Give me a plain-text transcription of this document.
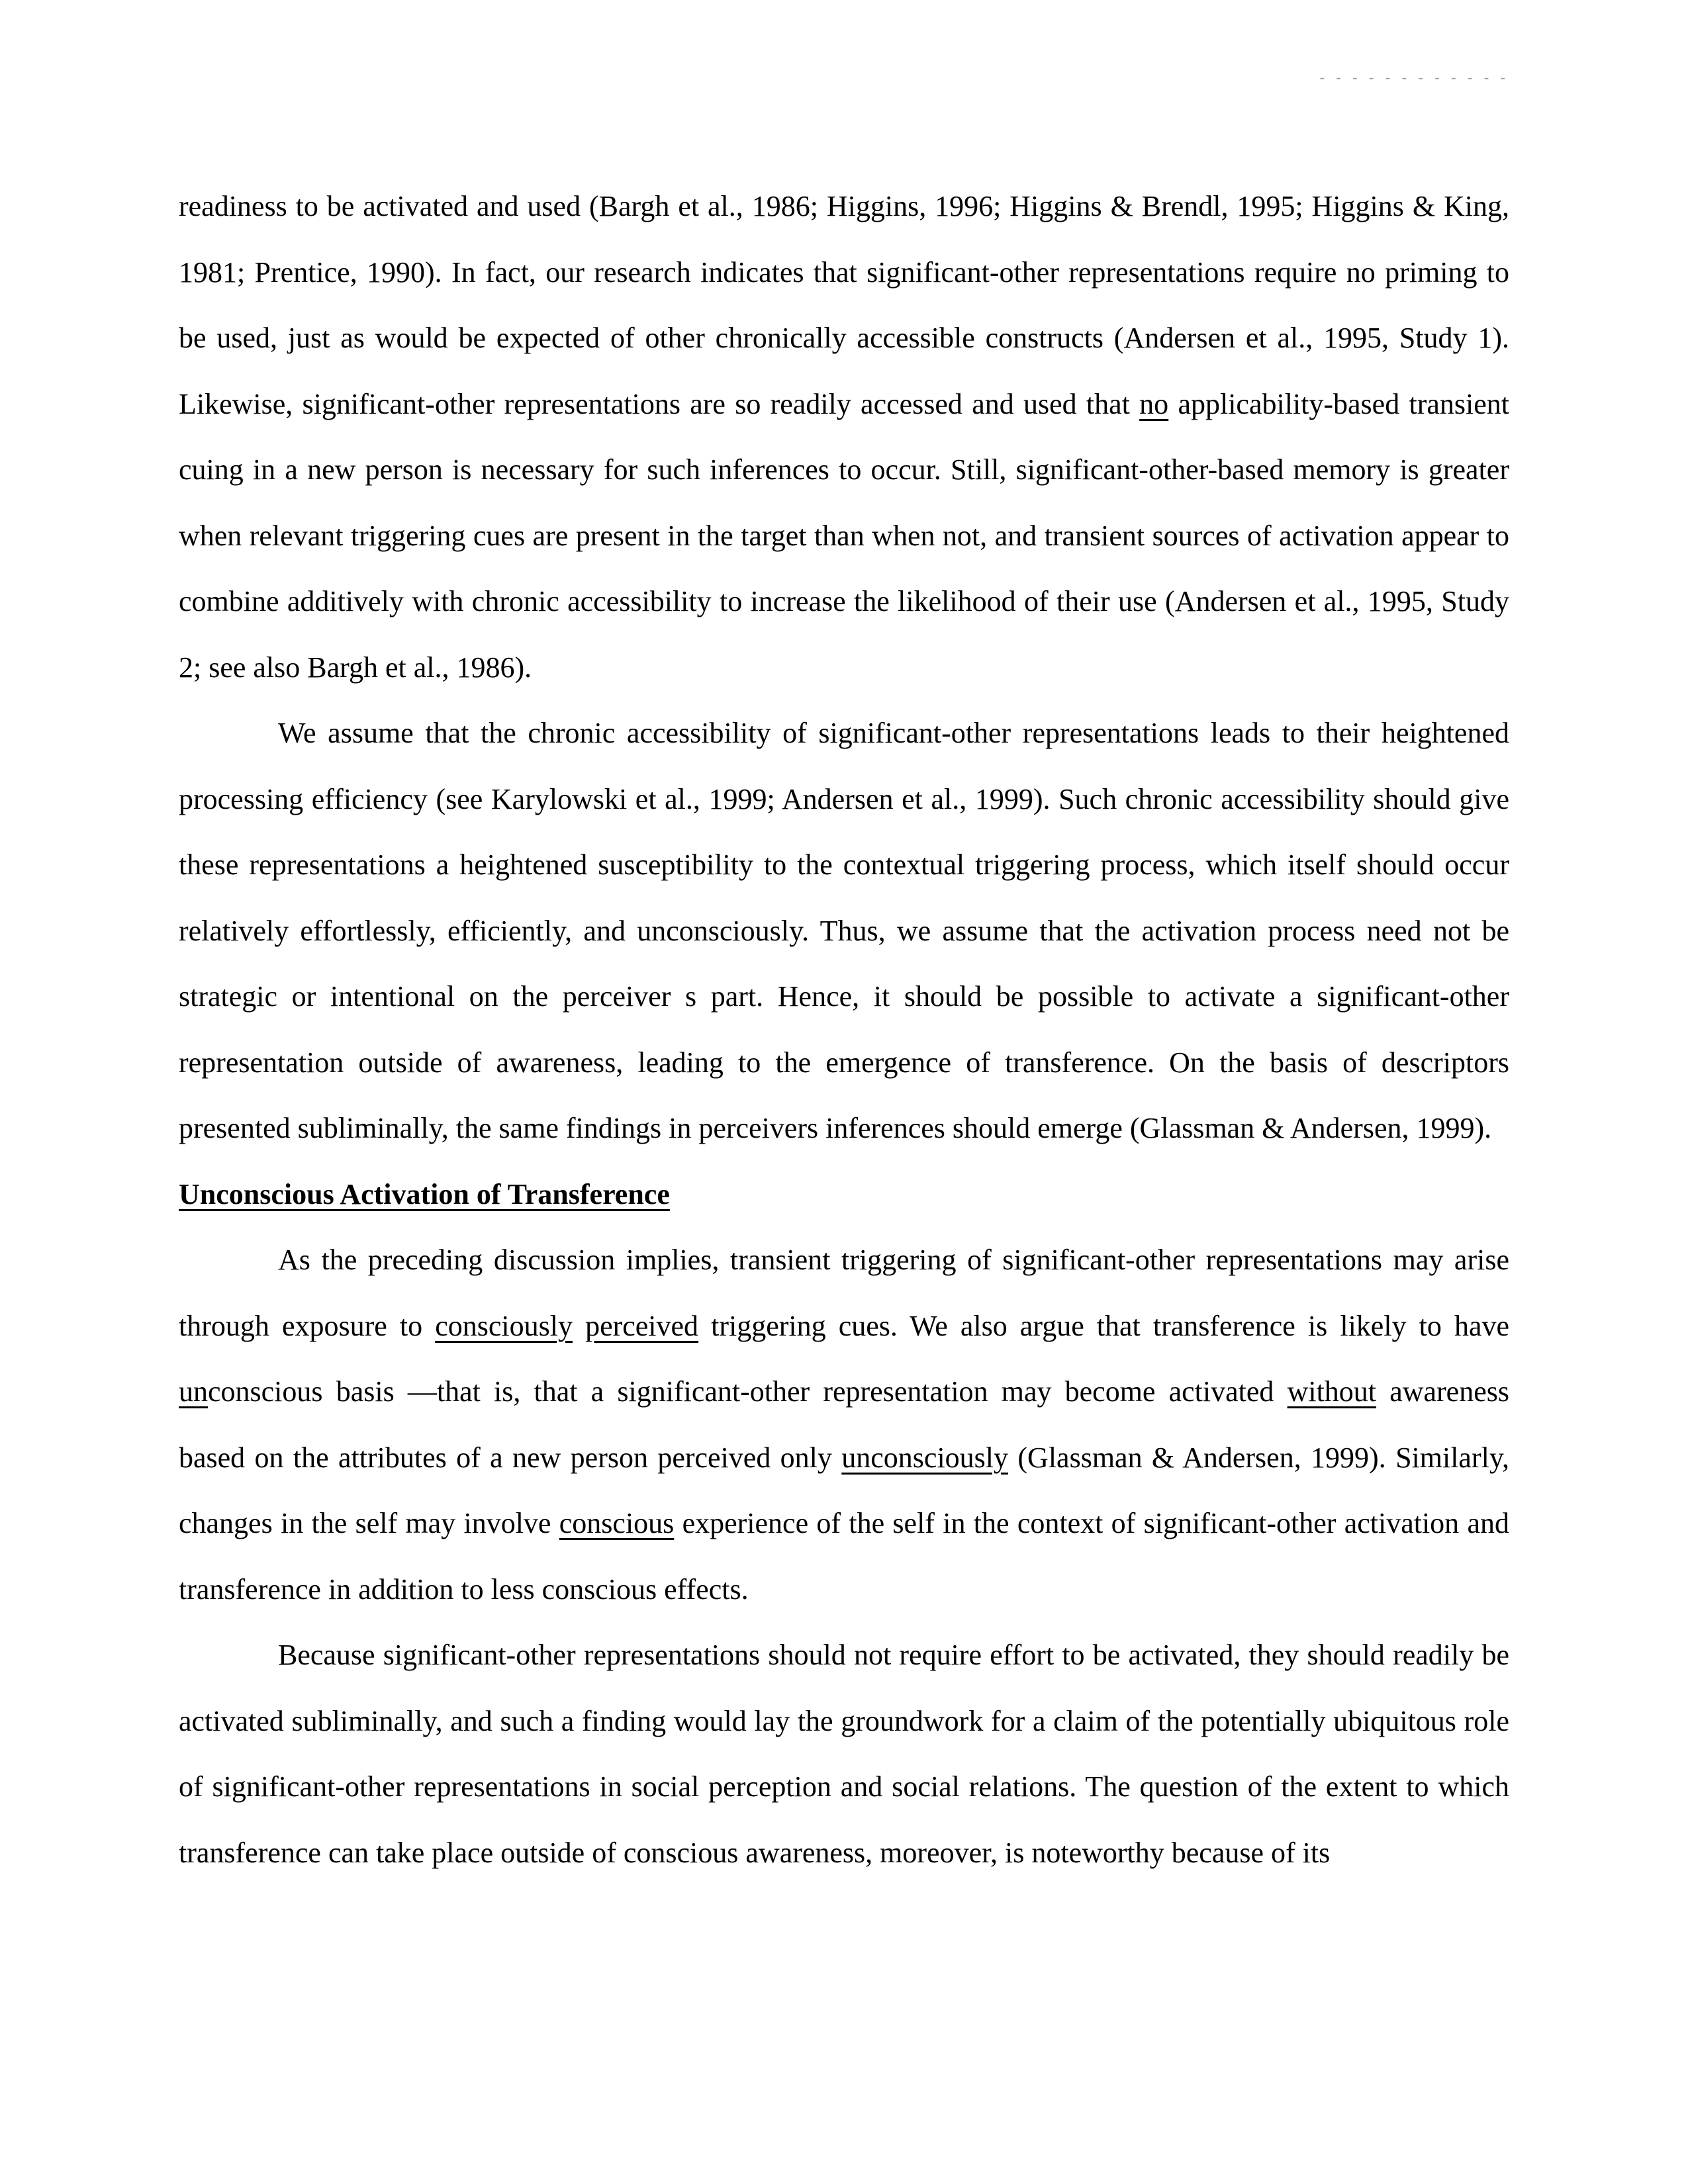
- - - - - - - - - - - -

readiness to be activated and used (Bargh et al., 1986; Higgins, 1996; Higgins & Brendl, 1995; Higgins & King, 1981; Prentice, 1990). In fact, our research indicates that significant-other representations require no priming to be used, just as would be expected of other chronically accessible constructs (Andersen et al., 1995, Study 1). Likewise, significant-other representations are so readily accessed and used that no applicability-based transient cuing in a new person is necessary for such inferences to occur. Still, significant-other-based memory is greater when relevant triggering cues are present in the target than when not, and transient sources of activation appear to combine additively with chronic accessibility to increase the likelihood of their use (Andersen et al., 1995, Study 2; see also Bargh et al., 1986).

We assume that the chronic accessibility of significant-other representations leads to their heightened processing efficiency (see Karylowski et al., 1999; Andersen et al., 1999). Such chronic accessibility should give these representations a heightened susceptibility to the contextual triggering process, which itself should occur relatively effortlessly, efficiently, and unconsciously. Thus, we assume that the activation process need not be strategic or intentional on the perceiver s part. Hence, it should be possible to activate a significant-other representation outside of awareness, leading to the emergence of transference. On the basis of descriptors presented subliminally, the same findings in perceivers inferences should emerge (Glassman & Andersen, 1999).

Unconscious Activation of Transference

As the preceding discussion implies, transient triggering of significant-other representations may arise through exposure to consciously perceived triggering cues. We also argue that transference is likely to have unconscious basis —that is, that a significant-other representation may become activated without awareness based on the attributes of a new person perceived only unconsciously (Glassman & Andersen, 1999). Similarly, changes in the self may involve conscious experience of the self in the context of significant-other activation and transference in addition to less conscious effects.

Because significant-other representations should not require effort to be activated, they should readily be activated subliminally, and such a finding would lay the groundwork for a claim of the potentially ubiquitous role of significant-other representations in social perception and social relations. The question of the extent to which transference can take place outside of conscious awareness, moreover, is noteworthy because of its
